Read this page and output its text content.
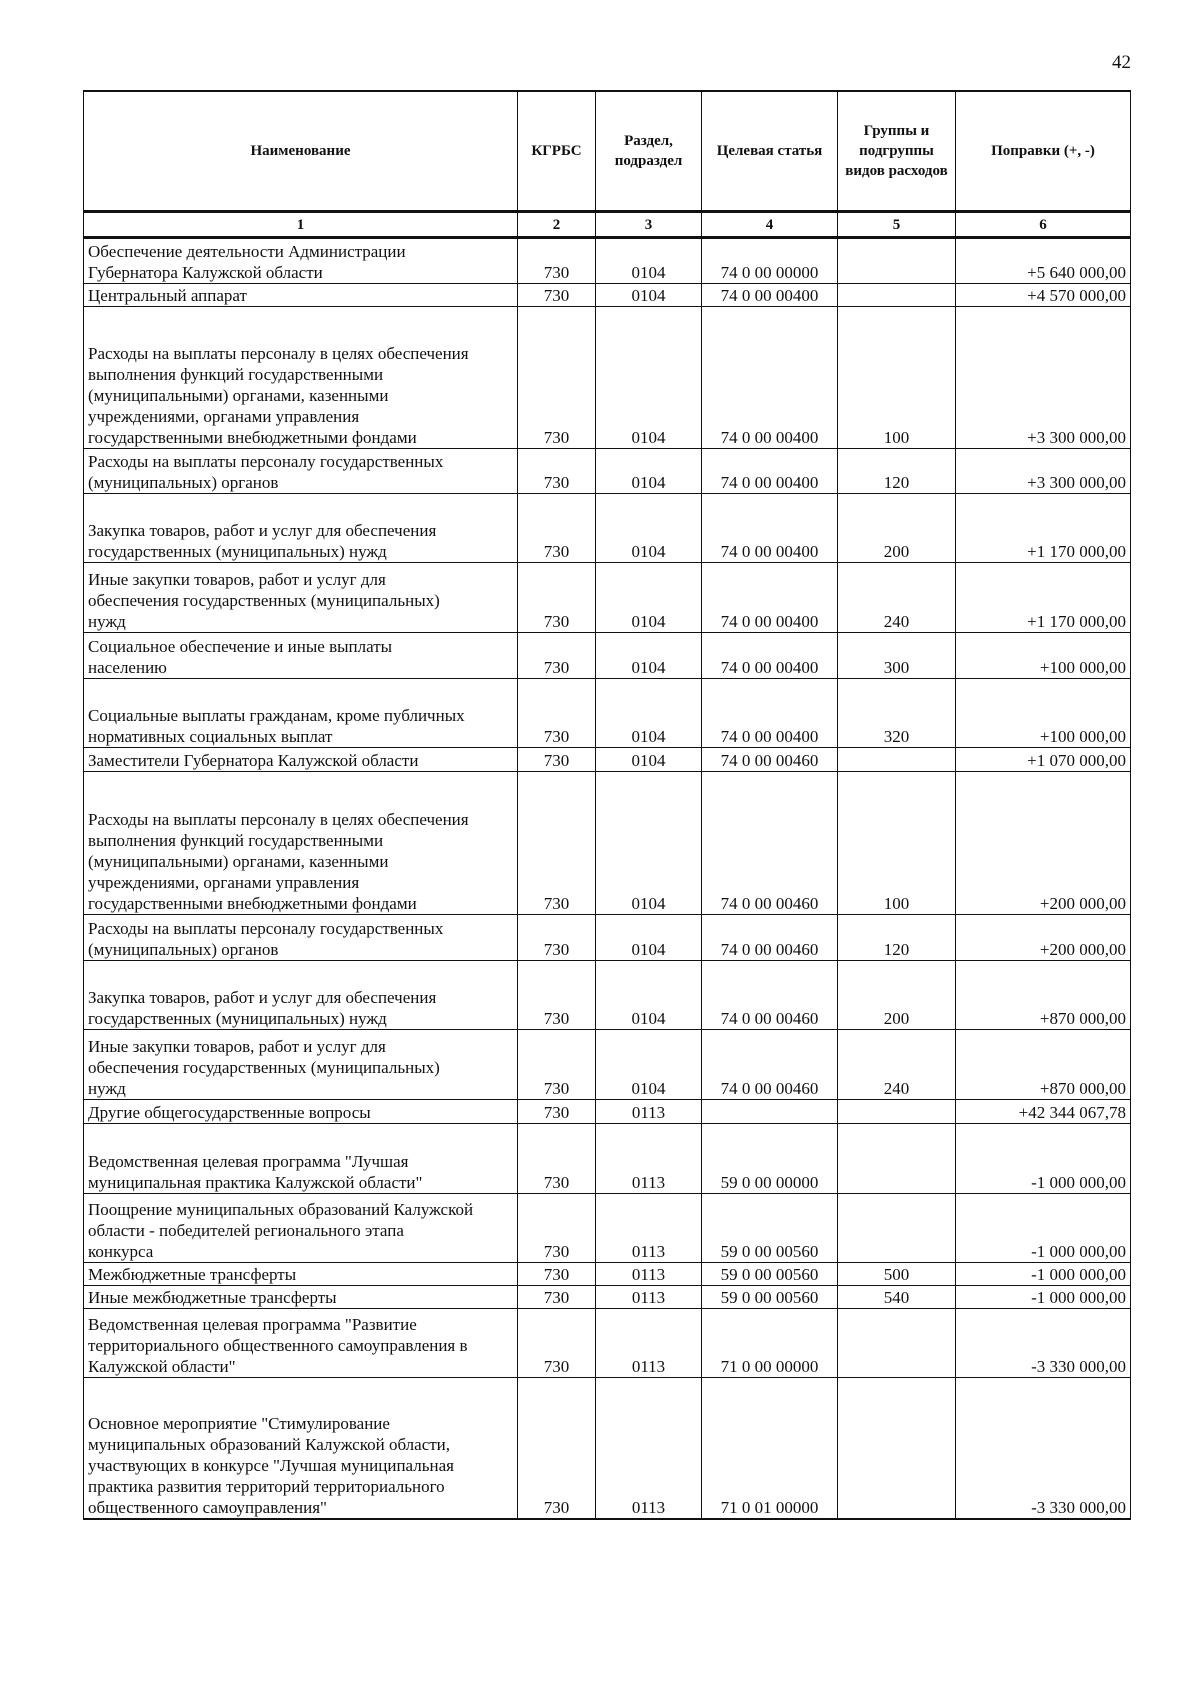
42
Наименование	КГРБС	Раздел, подраздел	Целевая статья	Группы и подгруппы видов расходов	Поправки (+, -)
1	2	3	4	5	6
Обеспечение деятельности Администрации
Губернатора Калужской области	730	0104	74 0 00 00000		+5 640 000,00
Центральный аппарат	730	0104	74 0 00 00400		+4 570 000,00
Расходы на выплаты персоналу в целях обеспечения
выполнения функций государственными
(муниципальными) органами, казенными
учреждениями, органами управления
государственными внебюджетными фондами	730	0104	74 0 00 00400	100	+3 300 000,00
Расходы на выплаты персоналу государственных
(муниципальных) органов	730	0104	74 0 00 00400	120	+3 300 000,00
Закупка товаров, работ и услуг для обеспечения
государственных (муниципальных) нужд	730	0104	74 0 00 00400	200	+1 170 000,00
Иные закупки товаров, работ и услуг для
обеспечения государственных (муниципальных)
нужд	730	0104	74 0 00 00400	240	+1 170 000,00
Социальное обеспечение и иные выплаты
населению	730	0104	74 0 00 00400	300	+100 000,00
Социальные выплаты гражданам, кроме публичных
нормативных социальных выплат	730	0104	74 0 00 00400	320	+100 000,00
Заместители Губернатора Калужской области	730	0104	74 0 00 00460		+1 070 000,00
Расходы на выплаты персоналу в целях обеспечения
выполнения функций государственными
(муниципальными) органами, казенными
учреждениями, органами управления
государственными внебюджетными фондами	730	0104	74 0 00 00460	100	+200 000,00
Расходы на выплаты персоналу государственных
(муниципальных) органов	730	0104	74 0 00 00460	120	+200 000,00
Закупка товаров, работ и услуг для обеспечения
государственных (муниципальных) нужд	730	0104	74 0 00 00460	200	+870 000,00
Иные закупки товаров, работ и услуг для
обеспечения государственных (муниципальных)
нужд	730	0104	74 0 00 00460	240	+870 000,00
Другие общегосударственные вопросы	730	0113			+42 344 067,78
Ведомственная целевая программа "Лучшая
муниципальная практика Калужской области"	730	0113	59 0 00 00000		-1 000 000,00
Поощрение муниципальных образований Калужской
области - победителей регионального этапа
конкурса	730	0113	59 0 00 00560		-1 000 000,00
Межбюджетные трансферты	730	0113	59 0 00 00560	500	-1 000 000,00
Иные межбюджетные трансферты	730	0113	59 0 00 00560	540	-1 000 000,00
Ведомственная целевая программа "Развитие
территориального общественного самоуправления в
Калужской области"	730	0113	71 0 00 00000		-3 330 000,00
Основное мероприятие "Стимулирование
муниципальных образований Калужской области,
участвующих в конкурсе "Лучшая муниципальная
практика развития территорий территориального
общественного самоуправления"	730	0113	71 0 01 00000		-3 330 000,00
